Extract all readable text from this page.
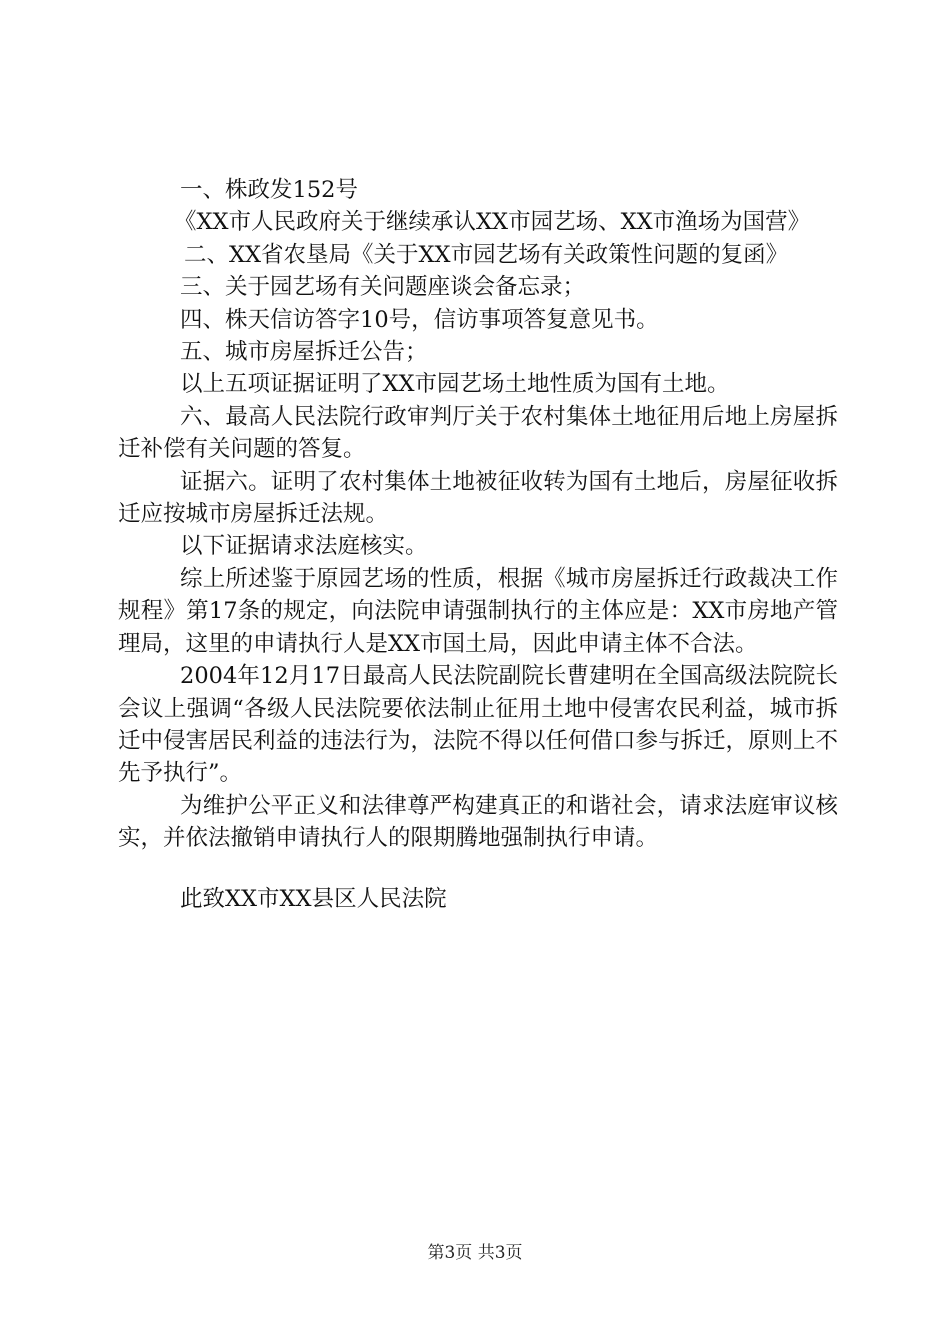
一、株政发152号

《XX市人民政府关于继续承认XX市园艺场、XX市渔场为国营》

二、XX省农垦局《关于XX市园艺场有关政策性问题的复函》

三、关于园艺场有关问题座谈会备忘录；

四、株天信访答字10号，信访事项答复意见书。

五、城市房屋拆迁公告；

以上五项证据证明了XX市园艺场土地性质为国有土地。

六、最高人民法院行政审判厅关于农村集体土地征用后地上房屋拆迁补偿有关问题的答复。

证据六。证明了农村集体土地被征收转为国有土地后，房屋征收拆迁应按城市房屋拆迁法规。

以下证据请求法庭核实。

综上所述鉴于原园艺场的性质，根据《城市房屋拆迁行政裁决工作规程》第17条的规定，向法院申请强制执行的主体应是：XX市房地产管理局，这里的申请执行人是XX市国土局，因此申请主体不合法。

2004年12月17日最高人民法院副院长曹建明在全国高级法院院长会议上强调“各级人民法院要依法制止征用土地中侵害农民利益，城市拆迁中侵害居民利益的违法行为，法院不得以任何借口参与拆迁，原则上不先予执行”。

为维护公平正义和法律尊严构建真正的和谐社会，请求法庭审议核实，并依法撤销申请执行人的限期腾地强制执行申请。

此致XX市XX县区人民法院

第3页 共3页
